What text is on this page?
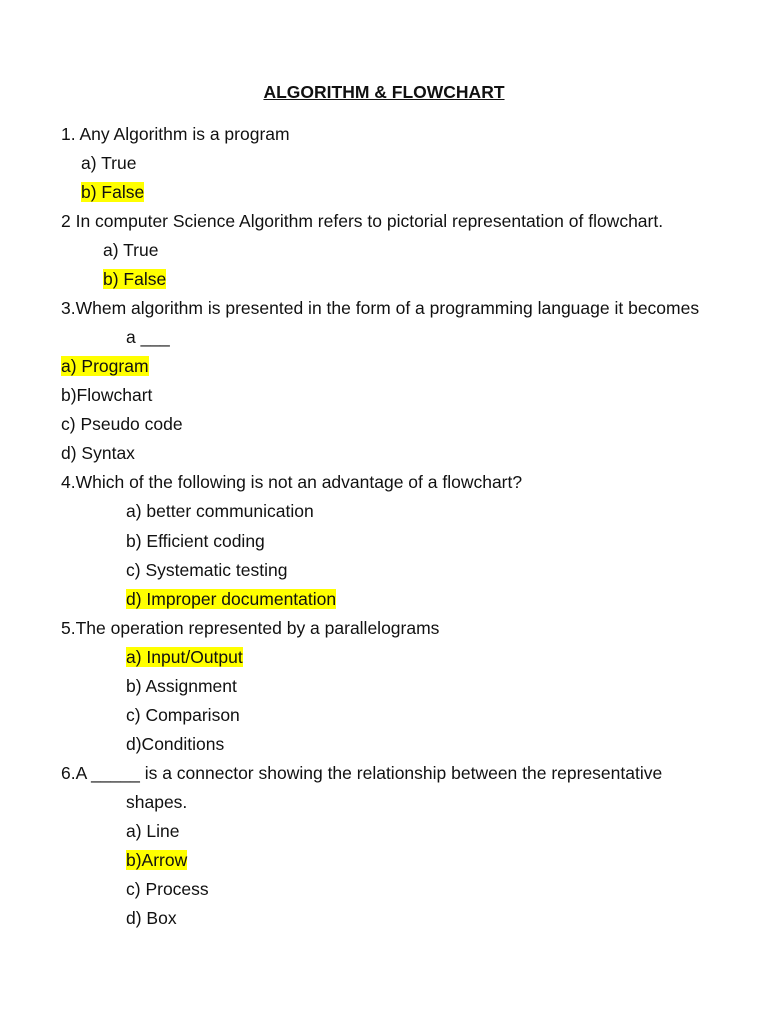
ALGORITHM & FLOWCHART
1. Any Algorithm is a program
a) True
b) False
2 In computer Science Algorithm refers to pictorial representation of flowchart.
a) True
b) False
3.Whem algorithm is presented in the form of a programming language it becomes
a ___
a) Program
b)Flowchart
c) Pseudo code
d) Syntax
4.Which of the following is not an advantage of a flowchart?
a) better communication
b) Efficient coding
c) Systematic testing
d) Improper documentation
5.The operation represented by a parallelograms
a) Input/Output
b) Assignment
c) Comparison
d)Conditions
6.A _____ is a connector showing the relationship between the representative
shapes.
a) Line
b)Arrow
c) Process
d) Box
